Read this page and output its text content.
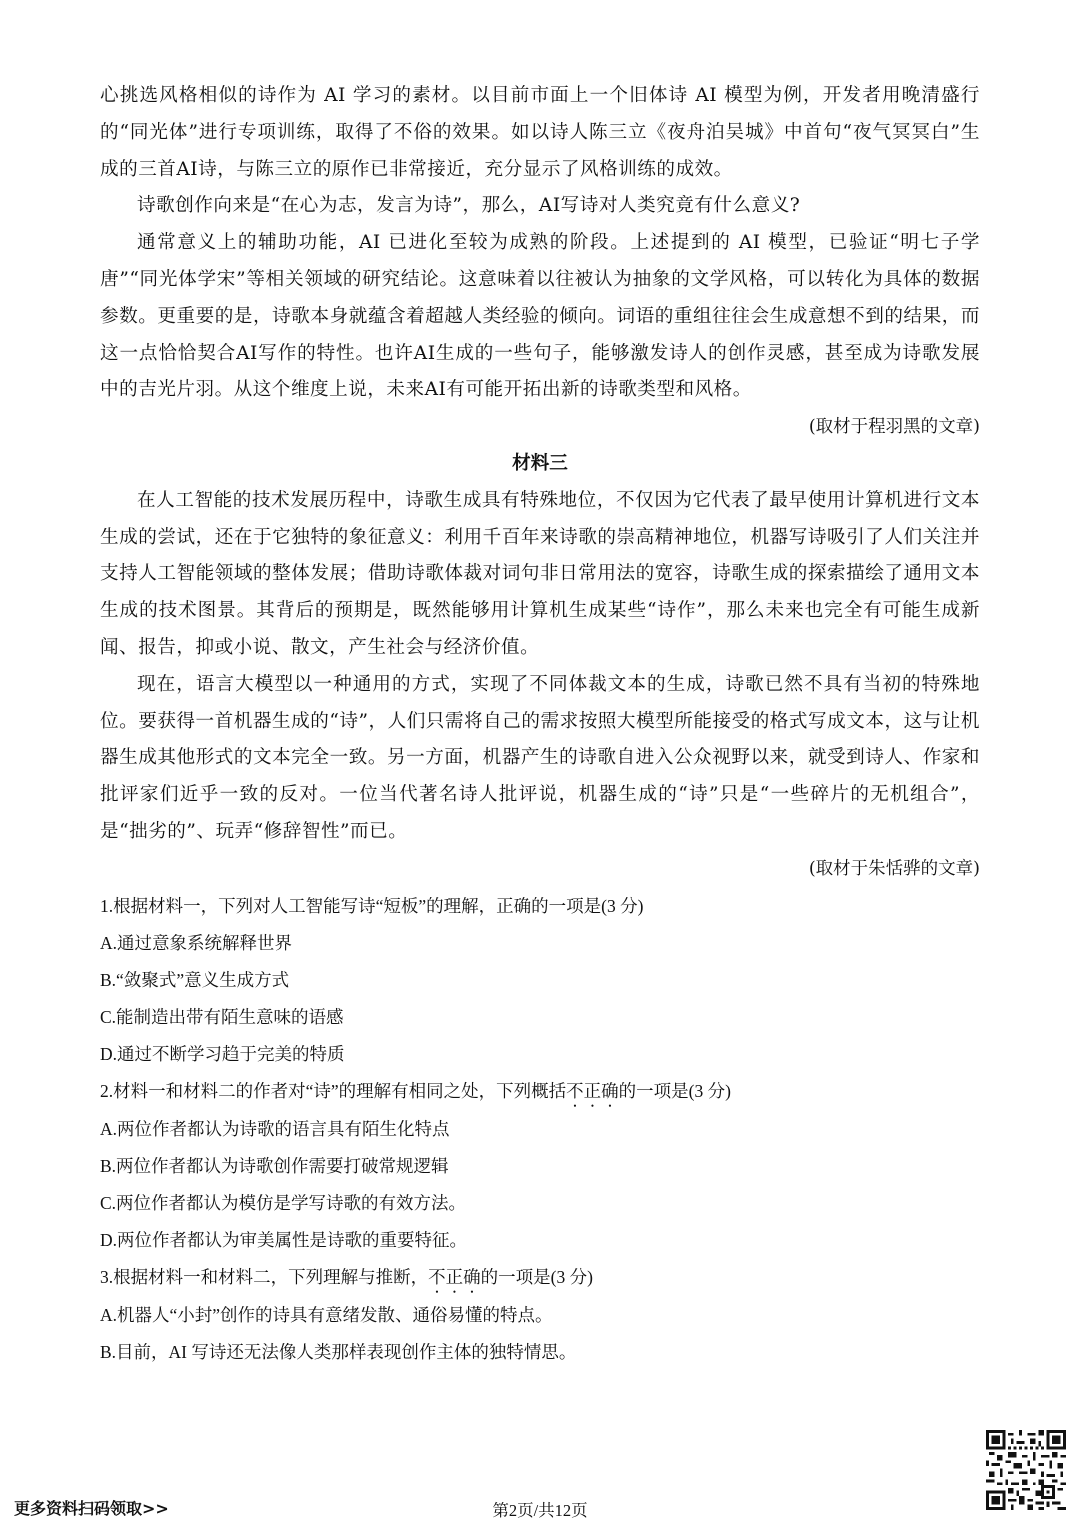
心挑选风格相似的诗作为 AI 学习的素材。以目前市面上一个旧体诗 AI 模型为例，开发者用晚清盛行的“同光体”进行专项训练，取得了不俗的效果。如以诗人陈三立《夜舟泊吴城》中首句“夜气冥冥白”生成的三首AI诗，与陈三立的原作已非常接近，充分显示了风格训练的成效。

诗歌创作向来是“在心为志，发言为诗”，那么，AI写诗对人类究竟有什么意义?

通常意义上的辅助功能，AI 已进化至较为成熟的阶段。上述提到的 AI 模型，已验证“明七子学唐”“同光体学宋”等相关领域的研究结论。这意味着以往被认为抽象的文学风格，可以转化为具体的数据参数。更重要的是，诗歌本身就蕴含着超越人类经验的倾向。词语的重组往往会生成意想不到的结果，而这一点恰恰契合AI写作的特性。也许AI生成的一些句子，能够激发诗人的创作灵感，甚至成为诗歌发展中的吉光片羽。从这个维度上说，未来AI有可能开拓出新的诗歌类型和风格。

(取材于程羽黑的文章)

材料三

在人工智能的技术发展历程中，诗歌生成具有特殊地位，不仅因为它代表了最早使用计算机进行文本生成的尝试，还在于它独特的象征意义：利用千百年来诗歌的崇高精神地位，机器写诗吸引了人们关注并支持人工智能领域的整体发展；借助诗歌体裁对词句非日常用法的宽容，诗歌生成的探索描绘了通用文本生成的技术图景。其背后的预期是，既然能够用计算机生成某些“诗作”，那么未来也完全有可能生成新闻、报告，抑或小说、散文，产生社会与经济价值。

现在，语言大模型以一种通用的方式，实现了不同体裁文本的生成，诗歌已然不具有当初的特殊地位。要获得一首机器生成的“诗”，人们只需将自己的需求按照大模型所能接受的格式写成文本，这与让机器生成其他形式的文本完全一致。另一方面，机器产生的诗歌自进入公众视野以来，就受到诗人、作家和批评家们近乎一致的反对。一位当代著名诗人批评说，机器生成的“诗”只是“一些碎片的无机组合”，是“拙劣的”、玩弄“修辞智性”而已。

(取材于朱恬骅的文章)

1.根据材料一，下列对人工智能写诗“短板”的理解，正确的一项是(3 分)

A.通过意象系统解释世界

B.“敛聚式”意义生成方式

C.能制造出带有陌生意味的语感

D.通过不断学习趋于完美的特质

2.材料一和材料二的作者对“诗”的理解有相同之处，下列概括不正确的一项是(3 分)

A.两位作者都认为诗歌的语言具有陌生化特点

B.两位作者都认为诗歌创作需要打破常规逻辑

C.两位作者都认为模仿是学写诗歌的有效方法。

D.两位作者都认为审美属性是诗歌的重要特征。

3.根据材料一和材料二，下列理解与推断，不正确的一项是(3 分)

A.机器人“小封”创作的诗具有意绪发散、通俗易懂的特点。

B.目前，AI 写诗还无法像人类那样表现创作主体的独特情思。

更多资料扫码领取>>	第2页/共12页
